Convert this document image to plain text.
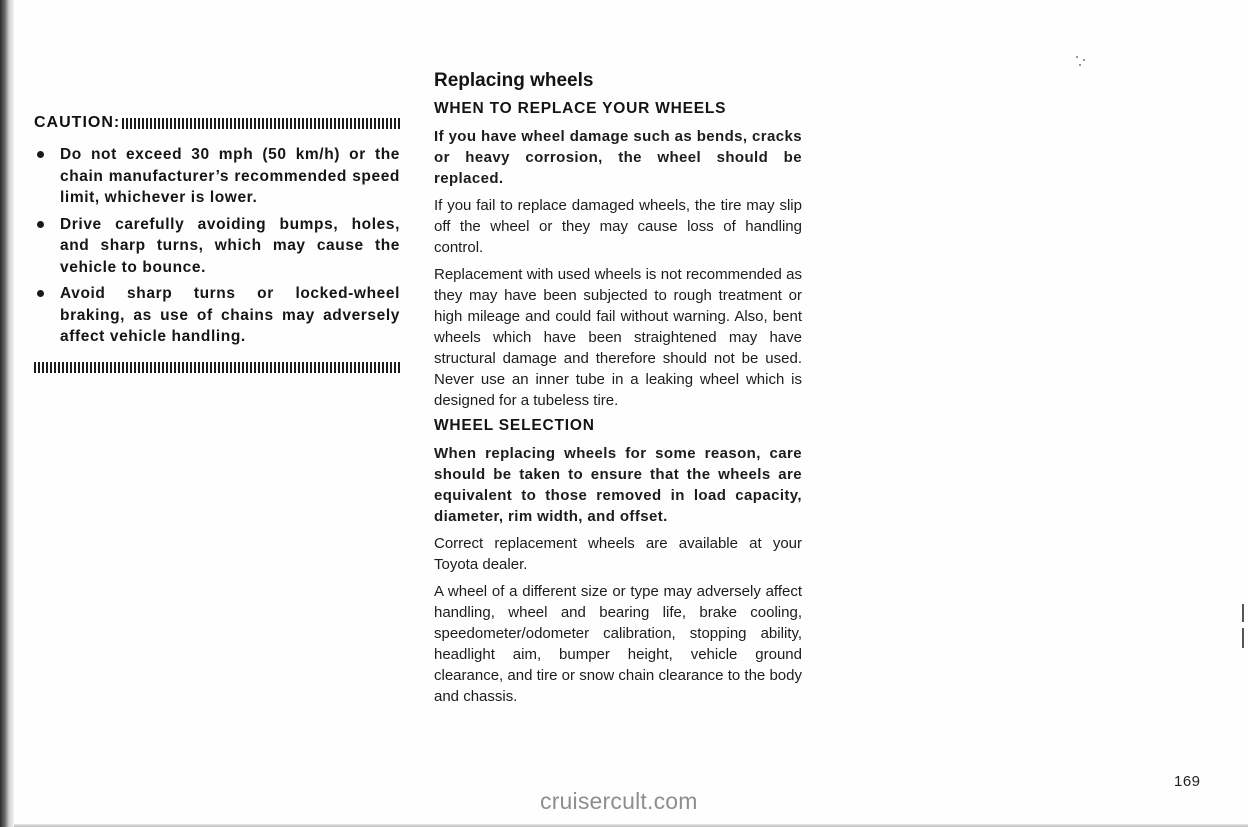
CAUTION:
Do not exceed 30 mph (50 km/h) or the chain manufacturer’s recommended speed limit, whichever is lower.
Drive carefully avoiding bumps, holes, and sharp turns, which may cause the vehicle to bounce.
Avoid sharp turns or locked-wheel braking, as use of chains may adversely affect vehicle handling.
Replacing wheels
WHEN TO REPLACE YOUR WHEELS

If you have wheel damage such as bends, cracks or heavy corrosion, the wheel should be replaced.

If you fail to replace damaged wheels, the tire may slip off the wheel or they may cause loss of handling control.

Replacement with used wheels is not recommended as they may have been subjected to rough treatment or high mileage and could fail without warning. Also, bent wheels which have been straightened may have structural damage and therefore should not be used. Never use an inner tube in a leaking wheel which is designed for a tubeless tire.

WHEEL SELECTION

When replacing wheels for some reason, care should be taken to ensure that the wheels are equivalent to those removed in load capacity, diameter, rim width, and offset.

Correct replacement wheels are available at your Toyota dealer.

A wheel of a different size or type may adversely affect handling, wheel and bearing life, brake cooling, speedometer/odometer calibration, stopping ability, headlight aim, bumper height, vehicle ground clearance, and tire or snow chain clearance to the body and chassis.

169
cruisercult.com
